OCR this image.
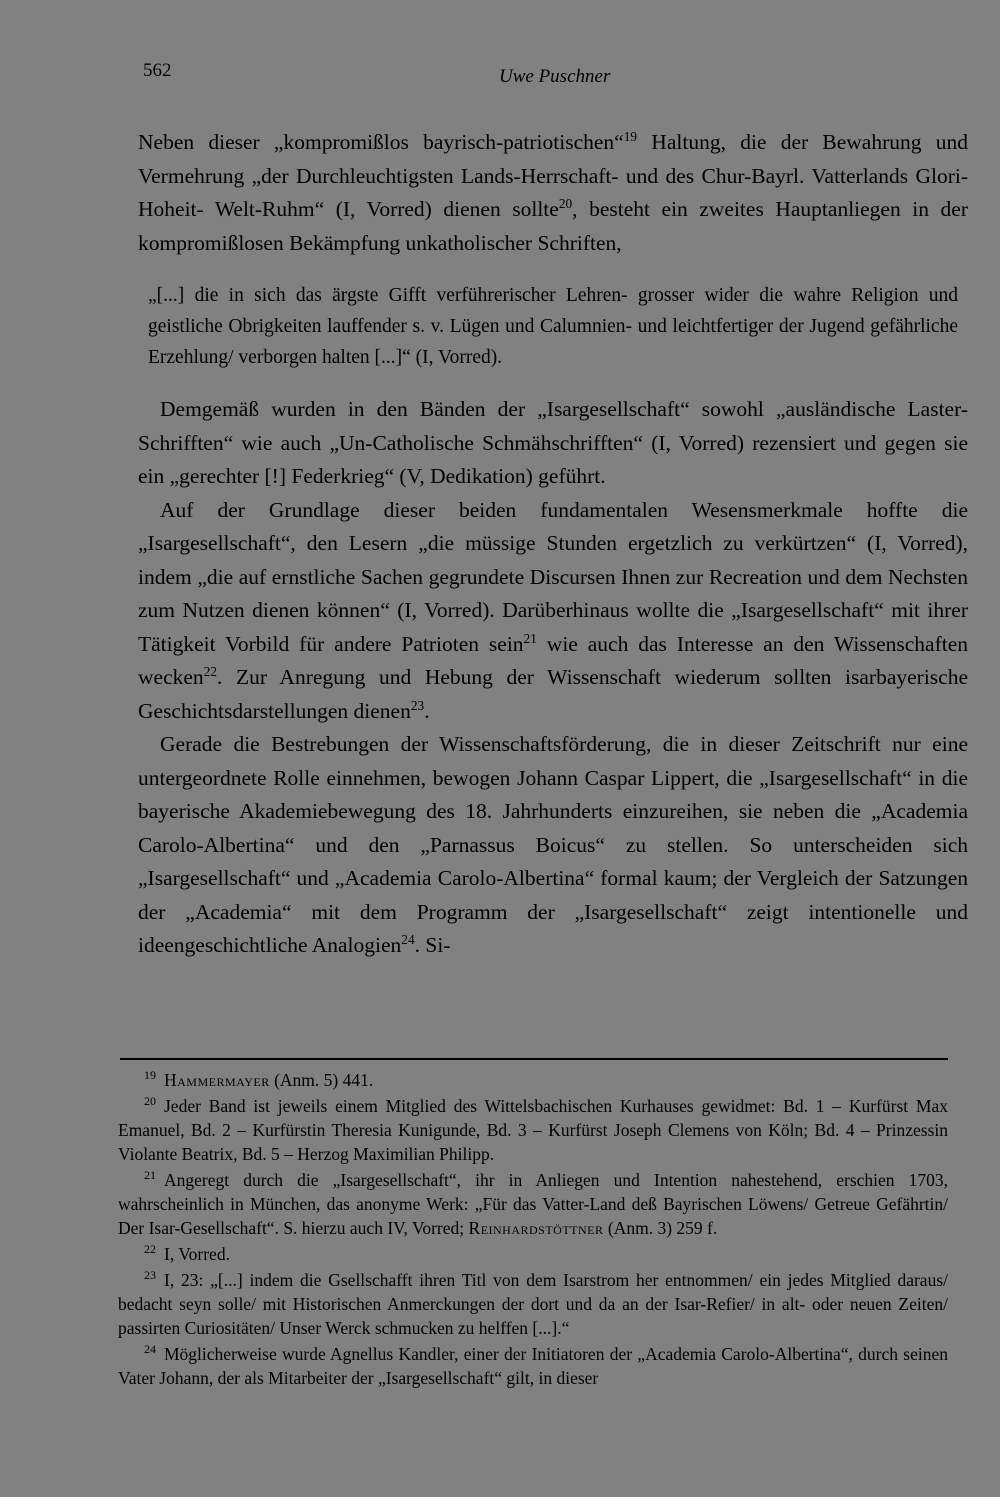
562	Uwe Puschner

Neben dieser „kompromißlos bayrisch-patriotischen“$^{19}$ Haltung, die der Bewahrung und Vermehrung „der Durchleuchtigsten Lands-Herrschaft- und des Chur-Bayrl. Vatterlands Glori- Hoheit- Welt-Ruhm“ (I, Vorred) dienen sollte$^{20}$, besteht ein zweites Hauptanliegen in der kompromißlosen Bekämpfung unkatholischer Schriften,

„[...] die in sich das ärgste Gifft verführerischer Lehren- grosser wider die wahre Religion und geistliche Obrigkeiten lauffender s. v. Lügen und Calumnien- und leichtfertiger der Jugend gefährliche Erzehlung/ verborgen halten [...]“ (I, Vorred).

Demgemäß wurden in den Bänden der „Isargesellschaft“ sowohl „ausländische Laster-Schrifften“ wie auch „Un-Catholische Schmähschrifften“ (I, Vorred) rezensiert und gegen sie ein „gerechter [!] Federkrieg“ (V, Dedikation) geführt.

Auf der Grundlage dieser beiden fundamentalen Wesensmerkmale hoffte die „Isargesellschaft“, den Lesern „die müssige Stunden ergetzlich zu verkürtzen“ (I, Vorred), indem „die auf ernstliche Sachen gegrundete Discursen Ihnen zur Recreation und dem Nechsten zum Nutzen dienen können“ (I, Vorred). Darüberhinaus wollte die „Isargesellschaft“ mit ihrer Tätigkeit Vorbild für andere Patrioten sein$^{21}$ wie auch das Interesse an den Wissenschaften wecken$^{22}$. Zur Anregung und Hebung der Wissenschaft wiederum sollten isarbayerische Geschichtsdarstellungen dienen$^{23}$.

Gerade die Bestrebungen der Wissenschaftsförderung, die in dieser Zeitschrift nur eine untergeordnete Rolle einnehmen, bewogen Johann Caspar Lippert, die „Isargesellschaft“ in die bayerische Akademiebewegung des 18. Jahrhunderts einzureihen, sie neben die „Academia Carolo-Albertina“ und den „Parnassus Boicus“ zu stellen. So unterscheiden sich „Isargesellschaft“ und „Academia Carolo-Albertina“ formal kaum; der Vergleich der Satzungen der „Academia“ mit dem Programm der „Isargesellschaft“ zeigt intentionelle und ideengeschichtliche Analogien$^{24}$. Si-

19 Hammermayer (Anm. 5) 441.

20 Jeder Band ist jeweils einem Mitglied des Wittelsbachischen Kurhauses gewidmet: Bd. 1 – Kurfürst Max Emanuel, Bd. 2 – Kurfürstin Theresia Kunigunde, Bd. 3 – Kurfürst Joseph Clemens von Köln; Bd. 4 – Prinzessin Violante Beatrix, Bd. 5 – Herzog Maximilian Philipp.

21 Angeregt durch die „Isargesellschaft“, ihr in Anliegen und Intention nahestehend, erschien 1703, wahrscheinlich in München, das anonyme Werk: „Für das Vatter-Land deß Bayrischen Löwens/ Getreue Gefährtin/ Der Isar-Gesellschaft“. S. hierzu auch IV, Vorred; Reinhardstöttner (Anm. 3) 259 f.

22 I, Vorred.

23 I, 23: „[...] indem die Gsellschafft ihren Titl von dem Isarstrom her entnommen/ ein jedes Mitglied daraus/ bedacht seyn solle/ mit Historischen Anmerckungen der dort und da an der Isar-Refier/ in alt- oder neuen Zeiten/ passirten Curiositäten/ Unser Werck schmucken zu helffen [...].“

24 Möglicherweise wurde Agnellus Kandler, einer der Initiatoren der „Academia Carolo-Albertina“, durch seinen Vater Johann, der als Mitarbeiter der „Isargesellschaft“ gilt, in dieser
